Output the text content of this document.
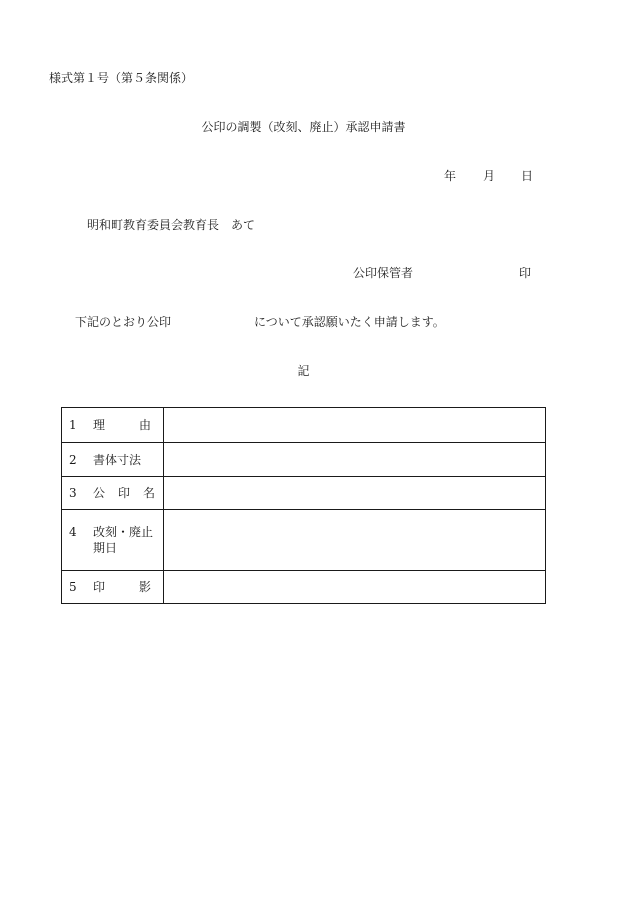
様式第１号（第５条関係）
公印の調製（改刻、廃止）承認申請書
年 月 日
明和町教育委員会教育長　あて
公印保管者	印
下記のとおり公印	について承認願いたく申請します。
記
1 理由	

2 書体寸法	

3 公印名	

4 改刻・廃止期日	

5 印影	
